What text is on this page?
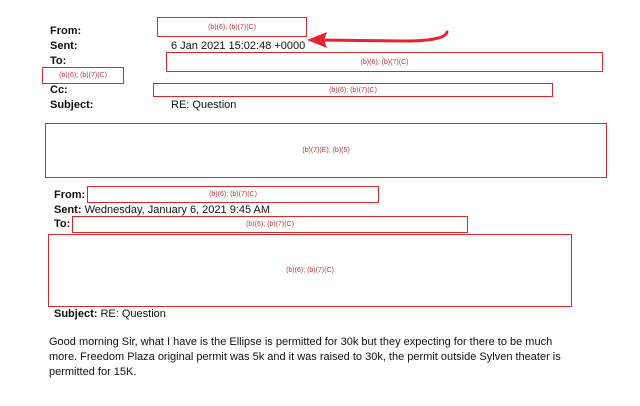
From:	(b)(6); (b)(7)(C)
Sent:	6 Jan 2021 15:02:48 +0000
To:	(b)(6); (b)(7)(C)
(b)(6); (b)(7)(C)
Cc:	(b)(6); (b)(7)(C)
Subject:	RE: Question
(b)(7)(E); (b)(5)
From:	(b)(6); (b)(7)(C)
Sent: Wednesday, January 6, 2021 9:45 AM
To:	(b)(6); (b)(7)(C)
(b)(6); (b)(7)(C)
Subject: RE: Question
Good morning Sir, what I have is the Ellipse is permitted for 30k but they expecting for there to be much more. Freedom Plaza original permit was 5k and it was raised to 30k, the permit outside Sylven theater is permitted for 15K.
